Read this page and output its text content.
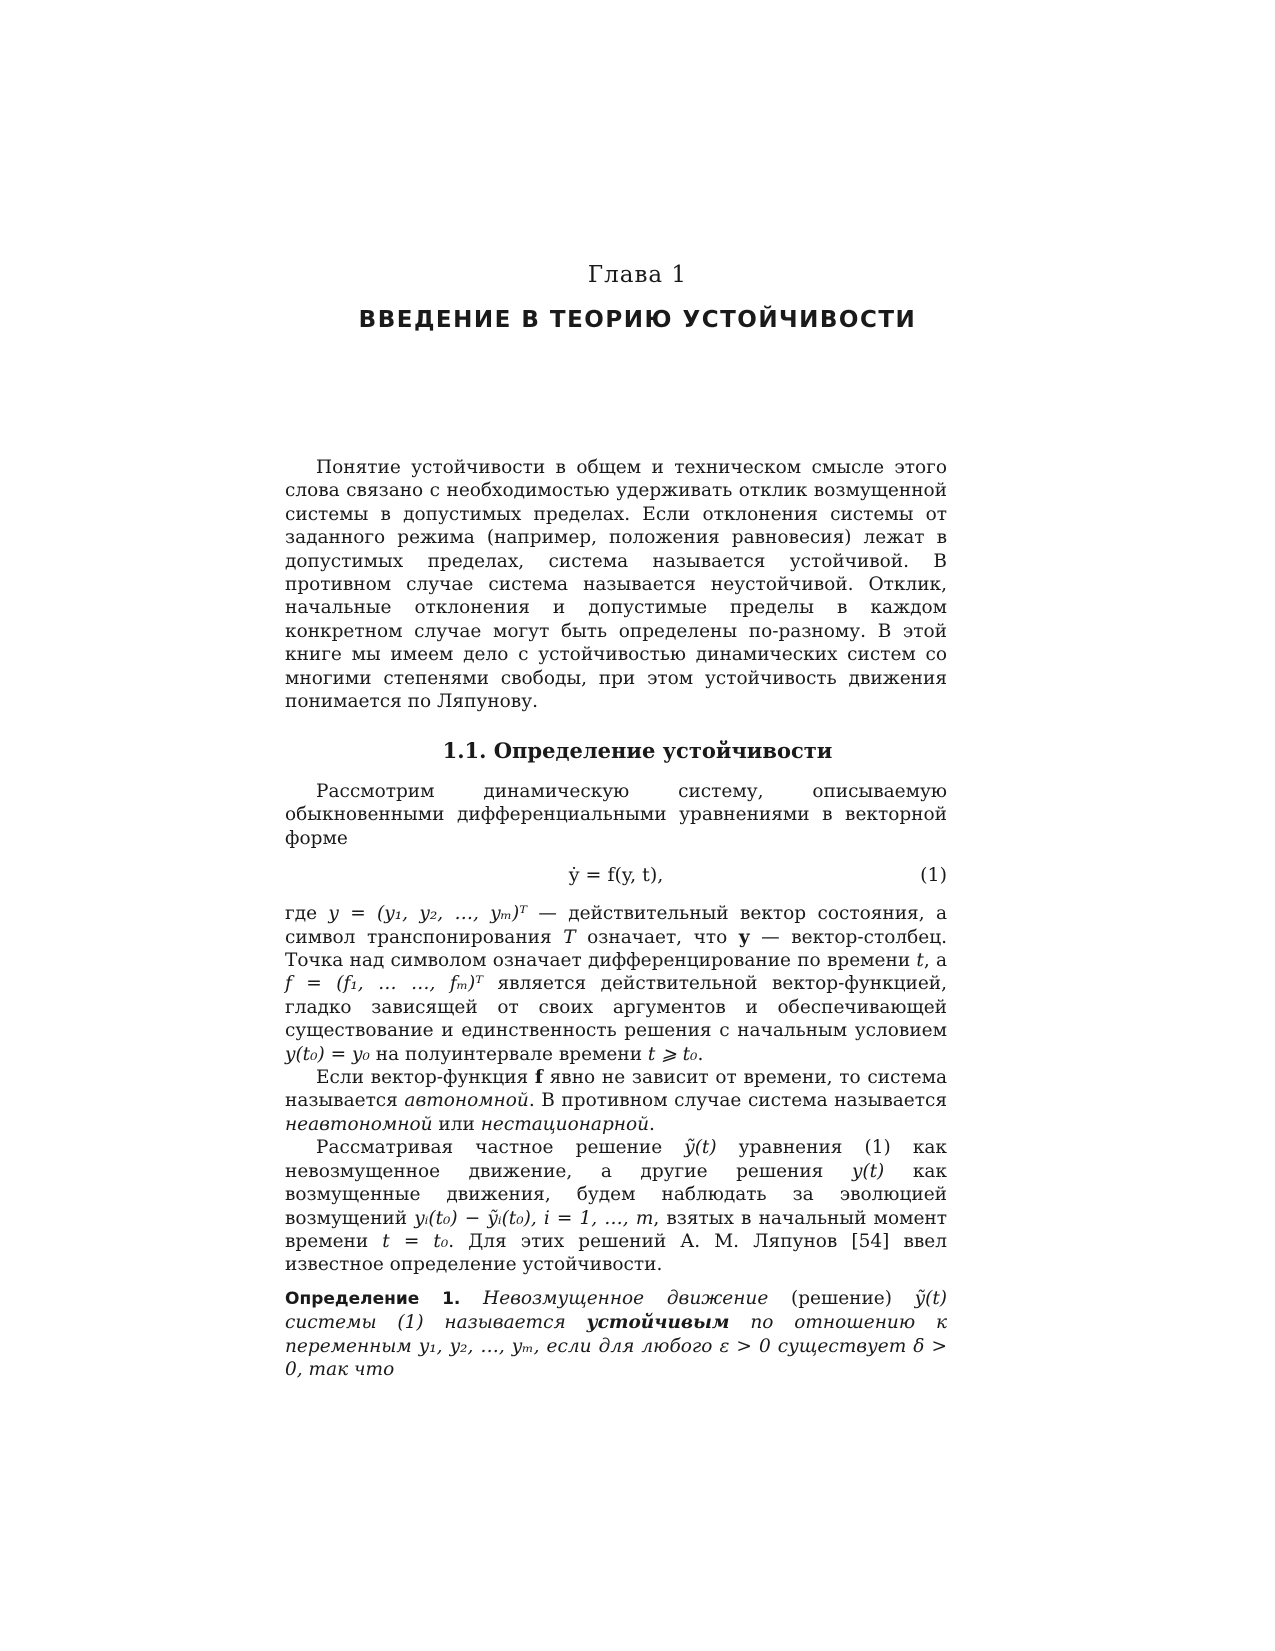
Глава 1
ВВЕДЕНИЕ В ТЕОРИЮ УСТОЙЧИВОСТИ

Понятие устойчивости в общем и техническом смысле этого слова связано с необходимостью удерживать отклик возмущенной системы в допустимых пределах. Если отклонения системы от заданного режима (например, положения равновесия) лежат в допустимых пределах, система называется устойчивой. В противном случае система называется неустойчивой. Отклик, начальные отклонения и допустимые пределы в каждом конкретном случае могут быть определены по-разному. В этой книге мы имеем дело с устойчивостью динамических систем со многими степенями свободы, при этом устойчивость движения понимается по Ляпунову.

1.1. Определение устойчивости

Рассмотрим динамическую систему, описываемую обыкновенными дифференциальными уравнениями в векторной форме

ẏ = f(y, t),	(1)

где y = (y₁, y₂, …, yₘ)ᵀ — действительный вектор состояния, а символ транспонирования T означает, что y — вектор-столбец. Точка над символом означает дифференцирование по времени t, а f = (f₁, … …, fₘ)ᵀ является действительной вектор-функцией, гладко зависящей от своих аргументов и обеспечивающей существование и единственность решения с начальным условием y(t₀) = y₀ на полуинтервале времени t ⩾ t₀.

Если вектор-функция f явно не зависит от времени, то система называется автономной. В противном случае система называется неавтономной или нестационарной.

Рассматривая частное решение ỹ(t) уравнения (1) как невозмущенное движение, а другие решения y(t) как возмущенные движения, будем наблюдать за эволюцией возмущений yᵢ(t₀) − ỹᵢ(t₀), i = 1, …, m, взятых в начальный момент времени t = t₀. Для этих решений А. М. Ляпунов [54] ввел известное определение устойчивости.

Определение 1. Невозмущенное движение (решение) ỹ(t) системы (1) называется устойчивым по отношению к переменным y₁, y₂, …, yₘ, если для любого ε > 0 существует δ > 0, так что
